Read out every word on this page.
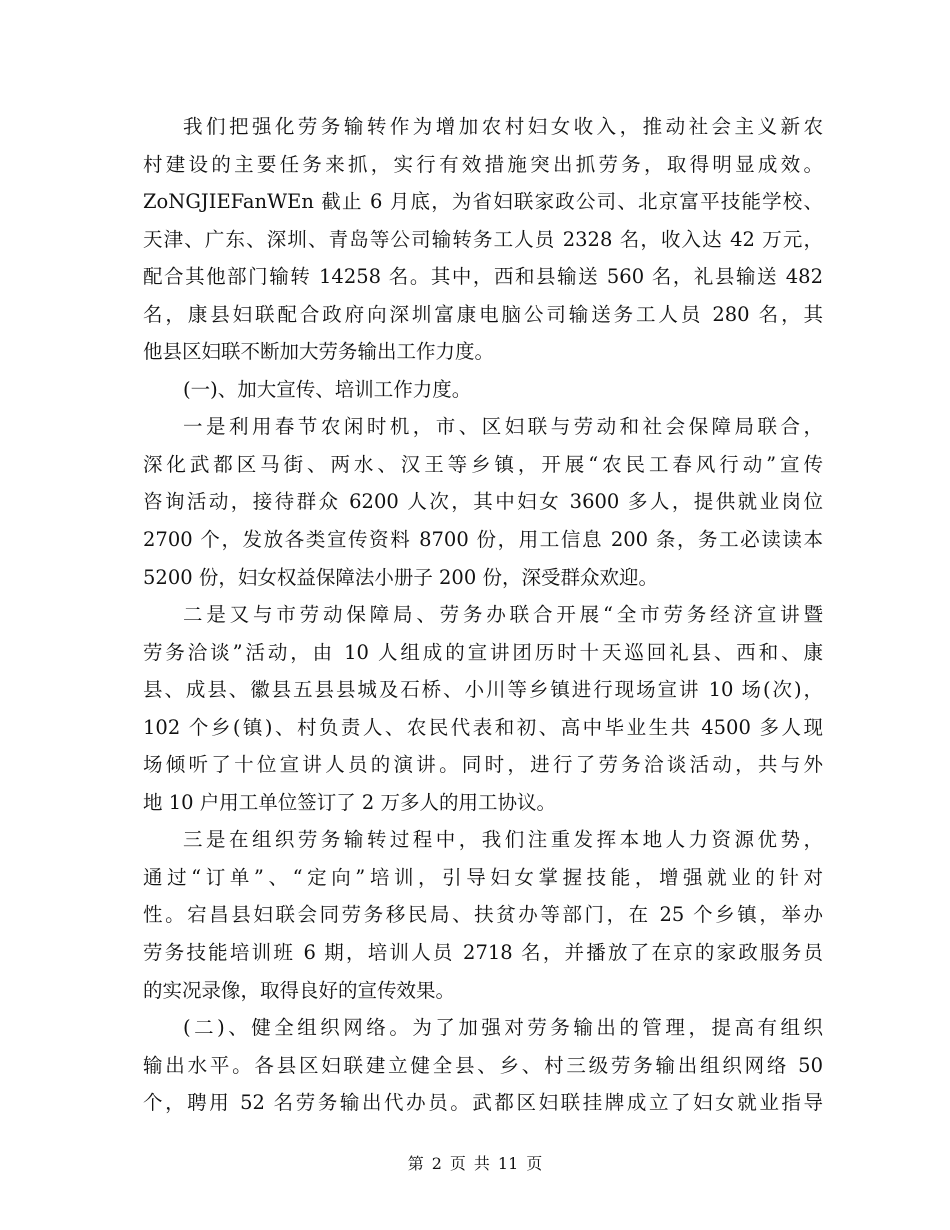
我们把强化劳务输转作为增加农村妇女收入，推动社会主义新农
村建设的主要任务来抓，实行有效措施突出抓劳务，取得明显成效。
ZoNGJIEFanWEn 截止 6 月底，为省妇联家政公司、北京富平技能学校、
天津、广东、深圳、青岛等公司输转务工人员 2328 名，收入达 42 万元，
配合其他部门输转 14258 名。其中，西和县输送 560 名，礼县输送 482
名，康县妇联配合政府向深圳富康电脑公司输送务工人员 280 名，其
他县区妇联不断加大劳务输出工作力度。
(一)、加大宣传、培训工作力度。
一是利用春节农闲时机，市、区妇联与劳动和社会保障局联合，
深化武都区马街、两水、汉王等乡镇，开展“农民工春风行动”宣传
咨询活动，接待群众 6200 人次，其中妇女 3600 多人，提供就业岗位
2700 个，发放各类宣传资料 8700 份，用工信息 200 条，务工必读读本
5200 份，妇女权益保障法小册子 200 份，深受群众欢迎。
二是又与市劳动保障局、劳务办联合开展“全市劳务经济宣讲暨
劳务洽谈”活动，由 10 人组成的宣讲团历时十天巡回礼县、西和、康
县、成县、徽县五县县城及石桥、小川等乡镇进行现场宣讲 10 场(次)，
102 个乡(镇)、村负责人、农民代表和初、高中毕业生共 4500 多人现
场倾听了十位宣讲人员的演讲。同时，进行了劳务洽谈活动，共与外
地 10 户用工单位签订了 2 万多人的用工协议。
三是在组织劳务输转过程中，我们注重发挥本地人力资源优势，
通过“订单”、“定向”培训，引导妇女掌握技能，增强就业的针对
性。宕昌县妇联会同劳务移民局、扶贫办等部门，在 25 个乡镇，举办
劳务技能培训班 6 期，培训人员 2718 名，并播放了在京的家政服务员
的实况录像，取得良好的宣传效果。
(二)、健全组织网络。为了加强对劳务输出的管理，提高有组织
输出水平。各县区妇联建立健全县、乡、村三级劳务输出组织网络 50
个，聘用 52 名劳务输出代办员。武都区妇联挂牌成立了妇女就业指导
第 2 页 共 11 页
